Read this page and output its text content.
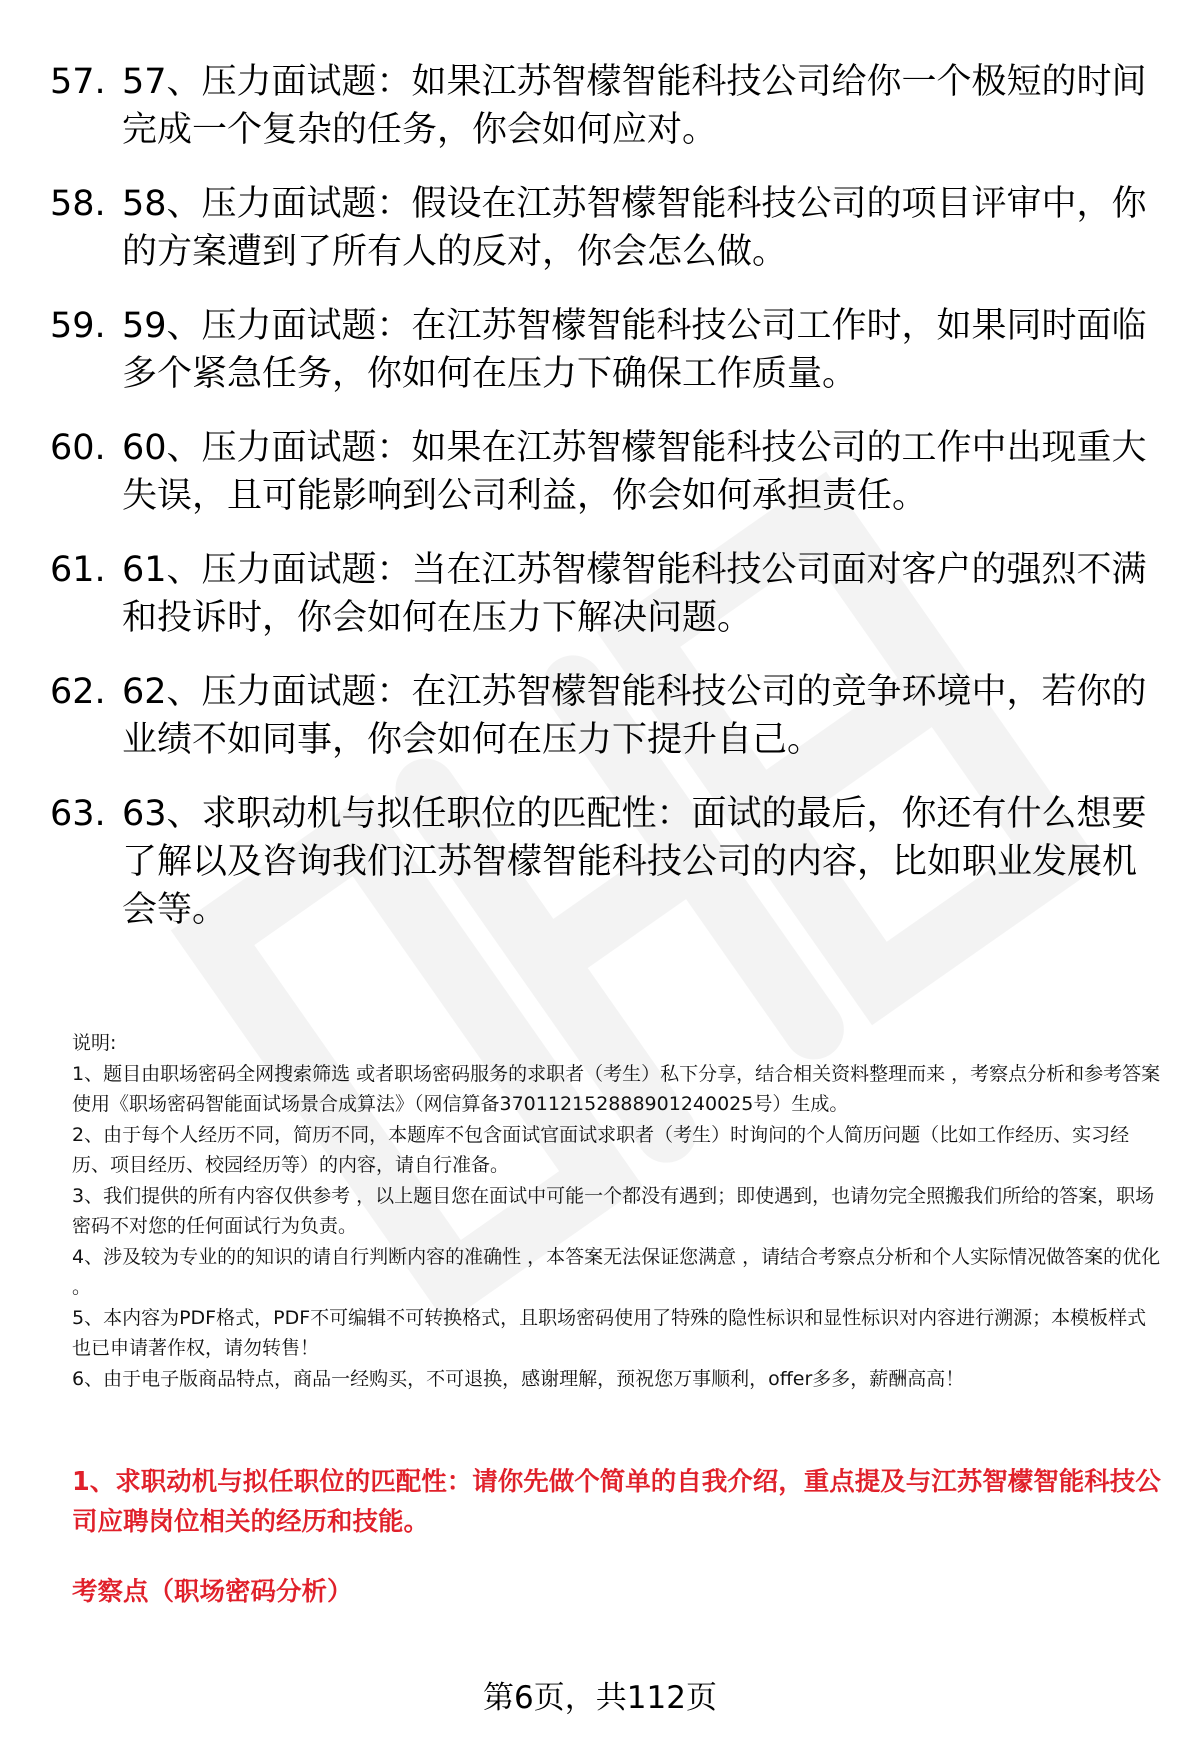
57. 57、压力面试题：如果江苏智檬智能科技公司给你一个极短的时间完成一个复杂的任务，你会如何应对。
58. 58、压力面试题：假设在江苏智檬智能科技公司的项目评审中，你的方案遭到了所有人的反对，你会怎么做。
59. 59、压力面试题：在江苏智檬智能科技公司工作时，如果同时面临多个紧急任务，你如何在压力下确保工作质量。
60. 60、压力面试题：如果在江苏智檬智能科技公司的工作中出现重大失误，且可能影响到公司利益，你会如何承担责任。
61. 61、压力面试题：当在江苏智檬智能科技公司面对客户的强烈不满和投诉时，你会如何在压力下解决问题。
62. 62、压力面试题：在江苏智檬智能科技公司的竞争环境中，若你的业绩不如同事，你会如何在压力下提升自己。
63. 63、求职动机与拟任职位的匹配性：面试的最后，你还有什么想要了解以及咨询我们江苏智檬智能科技公司的内容，比如职业发展机会等。

说明:

1、题目由职场密码全网搜索筛选 或者职场密码服务的求职者（考生）私下分享，结合相关资料整理而来 ，考察点分析和参考答案使用《职场密码智能面试场景合成算法》（网信算备370112152888901240025号）生成。

2、由于每个人经历不同，简历不同，本题库不包含面试官面试求职者（考生）时询问的个人简历问题（比如工作经历、实习经历、项目经历、校园经历等）的内容，请自行准备。

3、我们提供的所有内容仅供参考 ，以上题目您在面试中可能一个都没有遇到；即使遇到，也请勿完全照搬我们所给的答案，职场密码不对您的任何面试行为负责。

4、涉及较为专业的的知识的请自行判断内容的准确性 ，本答案无法保证您满意 ，请结合考察点分析和个人实际情况做答案的优化 。

5、本内容为PDF格式，PDF不可编辑不可转换格式，且职场密码使用了特殊的隐性标识和显性标识对内容进行溯源；本模板样式也已申请著作权，请勿转售！

6、由于电子版商品特点，商品一经购买，不可退换，感谢理解，预祝您万事顺利，offer多多，薪酬高高！

1、求职动机与拟任职位的匹配性：请你先做个简单的自我介绍，重点提及与江苏智檬智能科技公司应聘岗位相关的经历和技能。
考察点（职场密码分析）
第6页，共112页
